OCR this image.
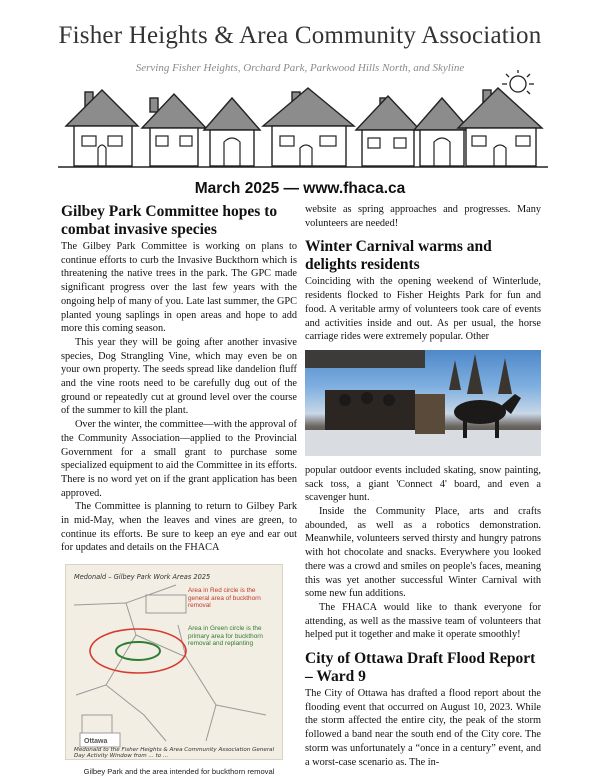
Fisher Heights & Area Community Association
Serving Fisher Heights, Orchard Park, Parkwood Hills North, and Skyline
March 2025 — www.fhaca.ca
Gilbey Park Committee hopes to combat invasive species

The Gilbey Park Committee is working on plans to continue efforts to curb the Invasive Buckthorn which is threatening the native trees in the park. The GPC made significant progress over the last few years with the ongoing help of many of you. Late last summer, the GPC planted young saplings in open areas and hope to add more this coming season.

This year they will be going after another invasive species, Dog Strangling Vine, which may even be on your own property. The seeds spread like dandelion fluff and the vine roots need to be carefully dug out of the ground or repeatedly cut at ground level over the course of the summer to kill the plant.

Over the winter, the committee—with the approval of the Community Association—applied to the Provincial Government for a small grant to purchase some specialized equipment to aid the Committee in its efforts. There is no word yet on if the grant application has been approved.

The Committee is planning to return to Gilbey Park in mid-May, when the leaves and vines are green, to continue its efforts. Be sure to keep an eye and ear out for updates and details on the FHACA

Medonald – Gilbey Park Work Areas 2025
Ottawa
Area in Red circle is the general area of buckthorn removal
Area in Green circle is the primary area for buckthorn removal and replanting
Medonald to the Fisher Heights & Area Community Association General Day Activity Window from ... to ...
Gilbey Park and the area intended for buckthorn removal

website as spring approaches and progresses. Many volunteers are needed!

Winter Carnival warms and delights residents

Coinciding with the opening weekend of Winterlude, residents flocked to Fisher Heights Park for fun and food. A veritable army of volunteers took care of events and activities inside and out. As per usual, the horse carriage rides were extremely popular. Other

popular outdoor events included skating, snow painting, sack toss, a giant 'Connect 4' board, and even a scavenger hunt.

Inside the Community Place, arts and crafts abounded, as well as a robotics demonstration. Meanwhile, volunteers served thirsty and hungry patrons with hot chocolate and snacks. Everywhere you looked there was a crowd and smiles on people's faces, meaning this was yet another successful Winter Carnival with some new fun additions.

The FHACA would like to thank everyone for attending, as well as the massive team of volunteers that helped put it together and make it operate smoothly!

City of Ottawa Draft Flood Report – Ward 9

The City of Ottawa has drafted a flood report about the flooding event that occurred on August 10, 2023. While the storm affected the entire city, the peak of the storm followed a band near the south end of the City core. The storm was unfortunately a “once in a century” event, and a worst-case scenario as. The in-
